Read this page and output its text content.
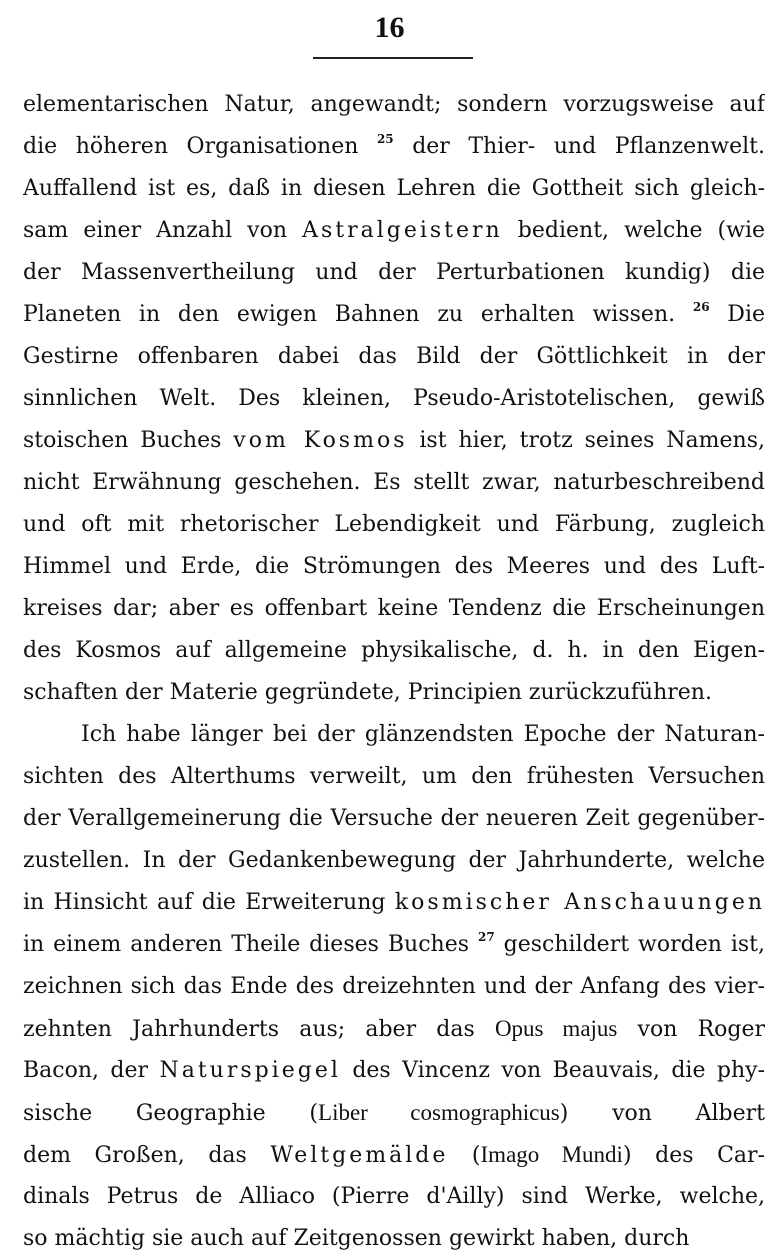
16
elementarischen Natur, angewandt; sondern vorzugsweise auf
die höheren Organisationen $^{25}$ der Thier- und Pflanzenwelt.
Auffallend ist es, daß in diesen Lehren die Gottheit sich gleich-
sam einer Anzahl von Astralgeistern bedient, welche (wie
der Massenvertheilung und der Perturbationen kundig) die
Planeten in den ewigen Bahnen zu erhalten wissen. $^{26}$ Die
Gestirne offenbaren dabei das Bild der Göttlichkeit in der
sinnlichen Welt. Des kleinen, Pseudo-Aristotelischen, gewiß
stoischen Buches vom Kosmos ist hier, trotz seines Namens,
nicht Erwähnung geschehen. Es stellt zwar, naturbeschreibend
und oft mit rhetorischer Lebendigkeit und Färbung, zugleich
Himmel und Erde, die Strömungen des Meeres und des Luft-
kreises dar; aber es offenbart keine Tendenz die Erscheinungen
des Kosmos auf allgemeine physikalische, d. h. in den Eigen-
schaften der Materie gegründete, Principien zurückzuführen.
Ich habe länger bei der glänzendsten Epoche der Naturan-
sichten des Alterthums verweilt, um den frühesten Versuchen
der Verallgemeinerung die Versuche der neueren Zeit gegenüber-
zustellen. In der Gedankenbewegung der Jahrhunderte, welche
in Hinsicht auf die Erweiterung kosmischer Anschauungen
in einem anderen Theile dieses Buches $^{27}$ geschildert worden ist,
zeichnen sich das Ende des dreizehnten und der Anfang des vier-
zehnten Jahrhunderts aus; aber das Opus majus von Roger
Bacon, der Naturspiegel des Vincenz von Beauvais, die phy-
sische Geographie (Liber cosmographicus) von Albert
dem Großen, das Weltgemälde (Imago Mundi) des Car-
dinals Petrus de Alliaco (Pierre d'Ailly) sind Werke, welche,
so mächtig sie auch auf Zeitgenossen gewirkt haben, durch
